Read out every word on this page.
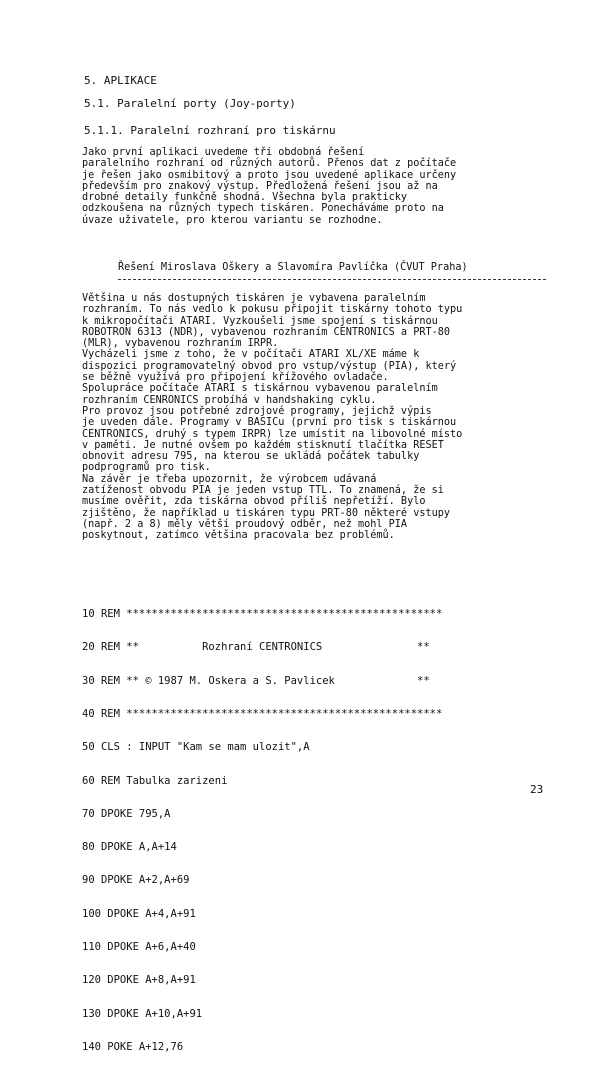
5. APLIKACE

5.1. Paralelní porty (Joy-porty)

5.1.1. Paralelní rozhraní pro tiskárnu

Jako první aplikaci uvedeme tři obdobná řešení
paralelního rozhraní od různých autorů. Přenos dat z počítače
je řešen jako osmibitový a proto jsou uvedené aplikace určeny
především pro znakový výstup. Předložená řešení jsou až na
drobné detaily funkčně shodná. Všechna byla prakticky
odzkoušena na různých typech tiskáren. Ponecháváme proto na
úvaze uživatele, pro kterou variantu se rozhodne.

Řešení Miroslava Oškery a Slavomíra Pavlíčka (ČVUT Praha)

Většina u nás dostupných tiskáren je vybavena paralelním
rozhraním. To nás vedlo k pokusu připojit tiskárny tohoto typu
k mikropočítači ATARI. Vyzkoušeli jsme spojení s tiskárnou
ROBOTRON 6313 (NDR), vybavenou rozhraním CENTRONICS a PRT-80
(MLR), vybavenou rozhraním IRPR.
Vycházeli jsme z toho, že v počítači ATARI XL/XE máme k
dispozici programovatelný obvod pro vstup/výstup (PIA), který
se běžně využívá pro připojení křížového ovladače.
Spolupráce počítače ATARI s tiskárnou vybavenou paralelním
rozhraním CENRONICS probíhá v handshaking cyklu.
Pro provoz jsou potřebné zdrojové programy, jejichž výpis
je uveden dále. Programy v BASICu (první pro tisk s tiskárnou
CENTRONICS, druhý s typem IRPR) lze umístit na libovolné místo
v paměti. Je nutné ovšem po každém stisknutí tlačítka RESET
obnovit adresu 795, na kterou se ukládá počátek tabulky
podprogramů pro tisk.
Na závěr je třeba upozornit, že výrobcem udávaná
zatíženost obvodu PIA je jeden vstup TTL. To znamená, že si
musíme ověřit, zda tiskárna obvod příliš nepřetíží. Bylo
zjištěno, že například u tiskáren typu PRT-80 některé vstupy
(např. 2 a 8) měly větší proudový odběr, než mohl PIA
poskytnout, zatímco většina pracovala bez problémů.

10 REM **************************************************

20 REM **          Rozhraní CENTRONICS               **

30 REM ** © 1987 M. Oskera a S. Pavlicek             **

40 REM **************************************************

50 CLS : INPUT "Kam se mam ulozit",A

60 REM Tabulka zarizeni

70 DPOKE 795,A

80 DPOKE A,A+14

90 DPOKE A+2,A+69

100 DPOKE A+4,A+91

110 DPOKE A+6,A+40

120 DPOKE A+8,A+91

130 DPOKE A+10,A+91

140 POKE A+12,76

23
